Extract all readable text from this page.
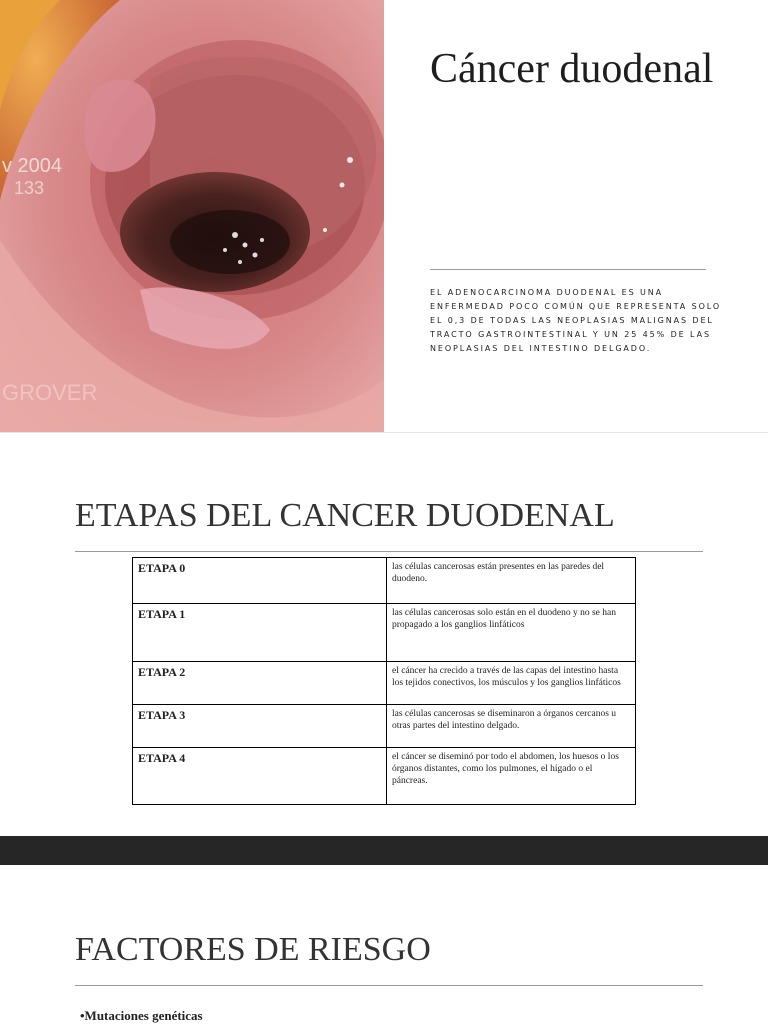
v 2004
133
GROVER
Cáncer duodenal
EL ADENOCARCINOMA DUODENAL ES UNA ENFERMEDAD POCO COMÚN QUE REPRESENTA SOLO EL 0,3 DE TODAS LAS NEOPLASIAS MALIGNAS DEL TRACTO GASTROINTESTINAL Y UN 25 45% DE LAS NEOPLASIAS DEL INTESTINO DELGADO.
ETAPAS DEL CANCER DUODENAL
ETAPA 0	las células cancerosas están presentes en las paredes del duodeno.
ETAPA 1	las células cancerosas solo están en el duodeno y no se han propagado a los ganglios linfáticos
ETAPA 2	el cáncer ha crecido a través de las capas del intestino hasta los tejidos conectivos, los músculos y los ganglios linfáticos
ETAPA 3	las células cancerosas se diseminaron a órganos cercanos u otras partes del intestino delgado.
ETAPA 4	el cáncer se diseminó por todo el abdomen, los huesos o los órganos distantes, como los pulmones, el hígado o el páncreas.
FACTORES DE RIESGO
•Mutaciones genéticas
